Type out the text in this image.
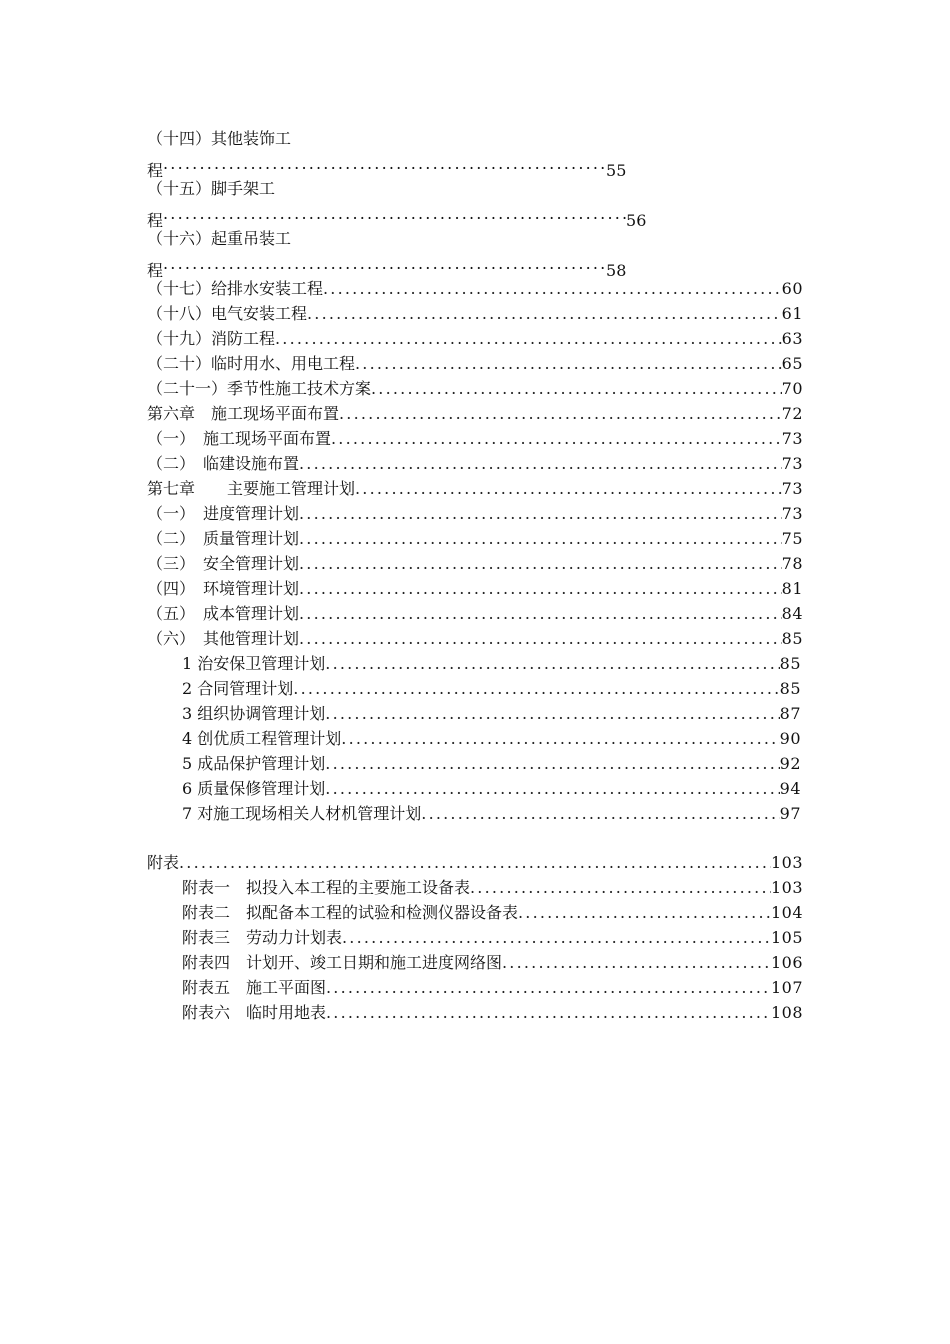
（十四）其他装饰工
程 .....	55
（十五）脚手架工
程 .....	56
（十六）起重吊装工
程 .....	58
（十七）给排水安装工程 .....	60
（十八）电气安装工程 .....	61
（十九）消防工程 .....	63
（二十）临时用水、用电工程 .....	65
（二十一）季节性施工技术方案 .....	70
第六章　施工现场平面布置 .....	72
（一）　施工现场平面布置 .....	73
（二）　临建设施布置 .....	73
第七章　　主要施工管理计划 .....	73
（一）　进度管理计划 .....	73
（二）　质量管理计划 .....	75
（三）　安全管理计划 .....	78
（四）　环境管理计划 .....	81
（五）　成本管理计划 .....	84
（六）　其他管理计划 .....	85
1 治安保卫管理计划 .....	85
2 合同管理计划 .....	85
3 组织协调管理计划 .....	87
4 创优质工程管理计划 .....	90
5 成品保护管理计划 .....	92
6 质量保修管理计划 .....	94
7 对施工现场相关人材机管理计划 .....	97
附表 .....	103
附表一　拟投入本工程的主要施工设备表 .....	103
附表二　拟配备本工程的试验和检测仪器设备表 .....	104
附表三　劳动力计划表 .....	105
附表四　计划开、竣工日期和施工进度网络图 .....	106
附表五　施工平面图 .....	107
附表六　临时用地表 .....	108
